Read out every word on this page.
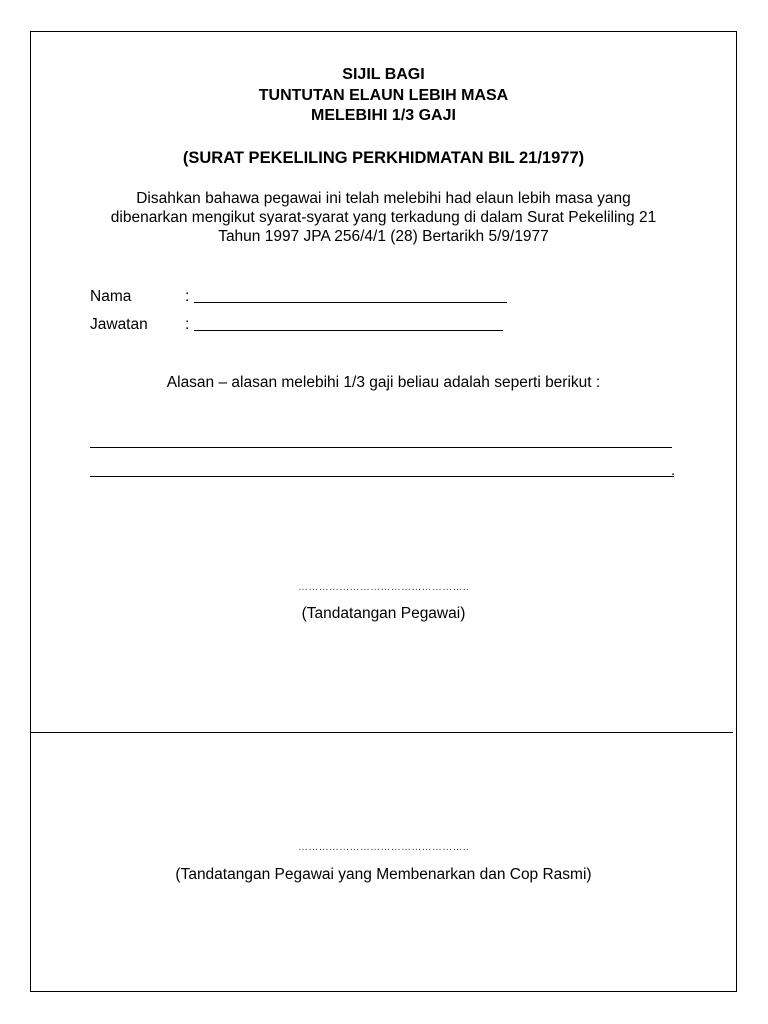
SIJIL BAGI
TUNTUTAN ELAUN LEBIH MASA
MELEBIHI 1/3 GAJI
(SURAT PEKELILING PERKHIDMATAN BIL 21/1977)
Disahkan bahawa pegawai ini telah melebihi had elaun lebih masa yang
dibenarkan mengikut syarat-syarat yang terkadung di dalam Surat Pekeliling 21
Tahun 1997 JPA 256/4/1 (28) Bertarikh 5/9/1977
Nama	:
Jawatan :
Alasan – alasan melebihi 1/3 gaji beliau adalah seperti berikut :
.
…………………………………………..
(Tandatangan Pegawai)
…………………………………………..
(Tandatangan Pegawai yang Membenarkan dan Cop Rasmi)
